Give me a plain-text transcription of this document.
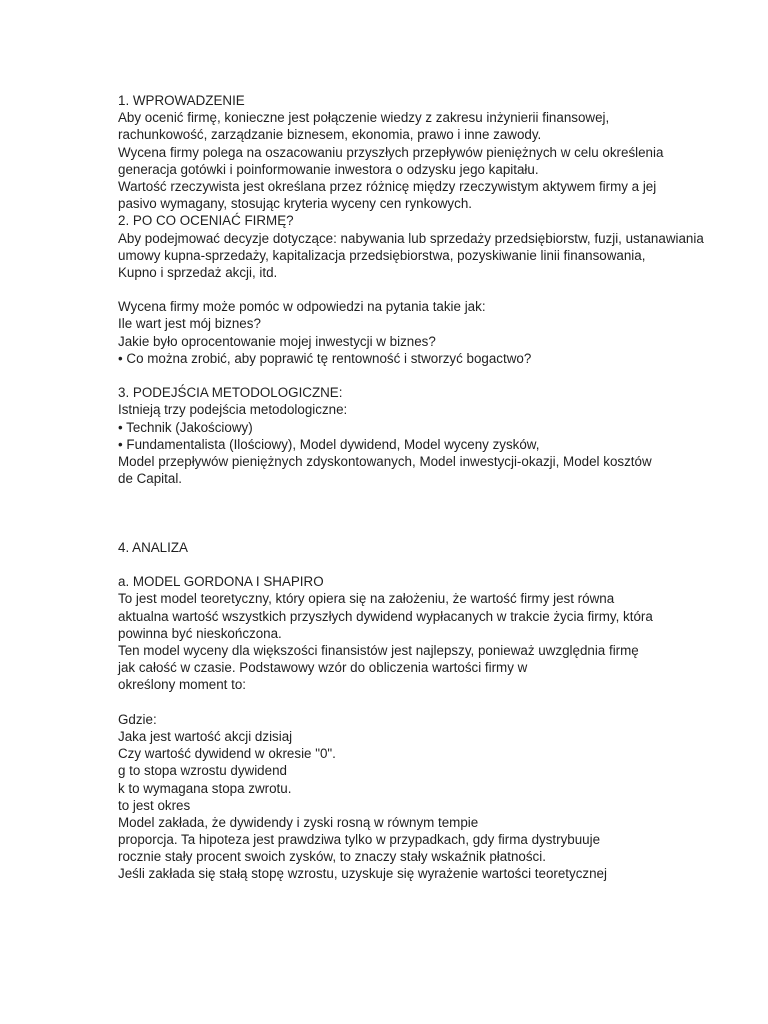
1. WPROWADZENIE
Aby ocenić firmę, konieczne jest połączenie wiedzy z zakresu inżynierii finansowej,
rachunkowość, zarządzanie biznesem, ekonomia, prawo i inne zawody.
Wycena firmy polega na oszacowaniu przyszłych przepływów pieniężnych w celu określenia
generacja gotówki i poinformowanie inwestora o odzysku jego kapitału.
Wartość rzeczywista jest określana przez różnicę między rzeczywistym aktywem firmy a jej
pasivo wymagany, stosując kryteria wyceny cen rynkowych.
2. PO CO OCENIAĆ FIRMĘ?
Aby podejmować decyzje dotyczące: nabywania lub sprzedaży przedsiębiorstw, fuzji, ustanawiania
umowy kupna-sprzedaży, kapitalizacja przedsiębiorstwa, pozyskiwanie linii finansowania,
Kupno i sprzedaż akcji, itd.
Wycena firmy może pomóc w odpowiedzi na pytania takie jak:
Ile wart jest mój biznes?
Jakie było oprocentowanie mojej inwestycji w biznes?
• Co można zrobić, aby poprawić tę rentowność i stworzyć bogactwo?
3. PODEJŚCIA METODOLOGICZNE:
Istnieją trzy podejścia metodologiczne:
• Technik (Jakościowy)
• Fundamentalista (Ilościowy), Model dywidend, Model wyceny zysków,
Model przepływów pieniężnych zdyskontowanych, Model inwestycji-okazji, Model kosztów
de Capital.
4. ANALIZA
a. MODEL GORDONA I SHAPIRO
To jest model teoretyczny, który opiera się na założeniu, że wartość firmy jest równa
aktualna wartość wszystkich przyszłych dywidend wypłacanych w trakcie życia firmy, która
powinna być nieskończona.
Ten model wyceny dla większości finansistów jest najlepszy, ponieważ uwzględnia firmę
jak całość w czasie. Podstawowy wzór do obliczenia wartości firmy w
określony moment to:
Gdzie:
Jaka jest wartość akcji dzisiaj
Czy wartość dywidend w okresie "0".
g to stopa wzrostu dywidend
k to wymagana stopa zwrotu.
to jest okres
Model zakłada, że dywidendy i zyski rosną w równym tempie
proporcja. Ta hipoteza jest prawdziwa tylko w przypadkach, gdy firma dystrybuuje
rocznie stały procent swoich zysków, to znaczy stały wskaźnik płatności.
Jeśli zakłada się stałą stopę wzrostu, uzyskuje się wyrażenie wartości teoretycznej
